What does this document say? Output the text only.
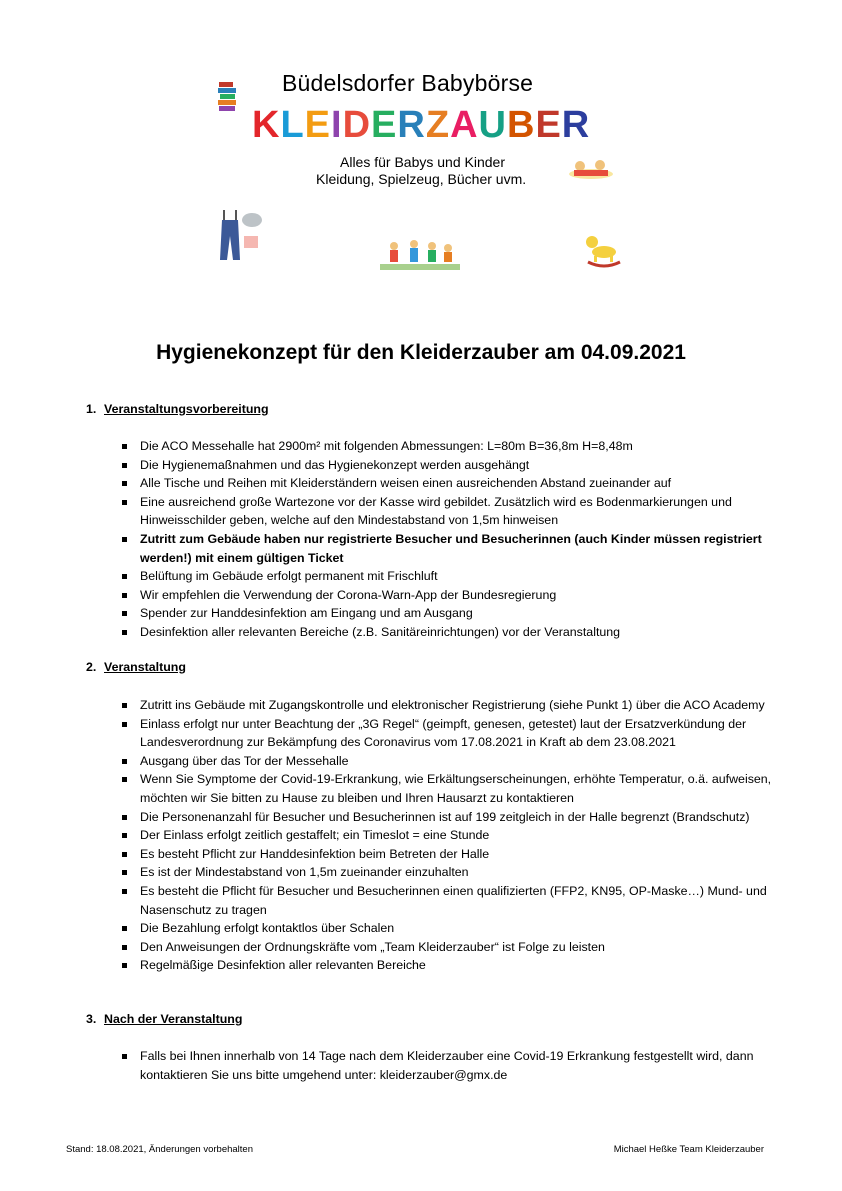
Büdelsdorfer Babybörse
KLEIDERZAUBER
Alles für Babys und Kinder
Kleidung, Spielzeug, Bücher uvm.
Hygienekonzept für den Kleiderzauber am 04.09.2021
1. Veranstaltungsvorbereitung
Die ACO Messehalle hat 2900m² mit folgenden Abmessungen: L=80m B=36,8m H=8,48m
Die Hygienemaßnahmen und das Hygienekonzept werden ausgehängt
Alle Tische und Reihen mit Kleiderständern weisen einen ausreichenden Abstand zueinander auf
Eine ausreichend große Wartezone vor der Kasse wird gebildet. Zusätzlich wird es Bodenmarkierungen und Hinweisschilder geben, welche auf den Mindestabstand von 1,5m hinweisen
Zutritt zum Gebäude haben nur registrierte Besucher und Besucherinnen (auch Kinder müssen registriert werden!) mit einem gültigen Ticket
Belüftung im Gebäude erfolgt permanent mit Frischluft
Wir empfehlen die Verwendung der Corona-Warn-App der Bundesregierung
Spender zur Handdesinfektion am Eingang und am Ausgang
Desinfektion aller relevanten Bereiche (z.B. Sanitäreinrichtungen) vor der Veranstaltung
2. Veranstaltung
Zutritt ins Gebäude mit Zugangskontrolle und elektronischer Registrierung (siehe Punkt 1) über die ACO Academy
Einlass erfolgt nur unter Beachtung der „3G Regel“ (geimpft, genesen, getestet) laut der Ersatzverkündung der Landesverordnung zur Bekämpfung des Coronavirus vom 17.08.2021 in Kraft ab dem 23.08.2021
Ausgang über das Tor der Messehalle
Wenn Sie Symptome der Covid-19-Erkrankung, wie Erkältungserscheinungen, erhöhte Temperatur, o.ä. aufweisen, möchten wir Sie bitten zu Hause zu bleiben und Ihren Hausarzt zu kontaktieren
Die Personenanzahl für Besucher und Besucherinnen ist auf 199 zeitgleich in der Halle begrenzt (Brandschutz)
Der Einlass erfolgt zeitlich gestaffelt; ein Timeslot = eine Stunde
Es besteht Pflicht zur Handdesinfektion beim Betreten der Halle
Es ist der Mindestabstand von 1,5m zueinander einzuhalten
Es besteht die Pflicht für Besucher und Besucherinnen einen qualifizierten (FFP2, KN95, OP-Maske…) Mund- und Nasenschutz zu tragen
Die Bezahlung erfolgt kontaktlos über Schalen
Den Anweisungen der Ordnungskräfte vom „Team Kleiderzauber“ ist Folge zu leisten
Regelmäßige Desinfektion aller relevanten Bereiche
3. Nach der Veranstaltung
Falls bei Ihnen innerhalb von 14 Tage nach dem Kleiderzauber eine Covid-19 Erkrankung festgestellt wird, dann kontaktieren Sie uns bitte umgehend unter: kleiderzauber@gmx.de
Stand: 18.08.2021, Änderungen vorbehalten	Michael Heßke Team Kleiderzauber
